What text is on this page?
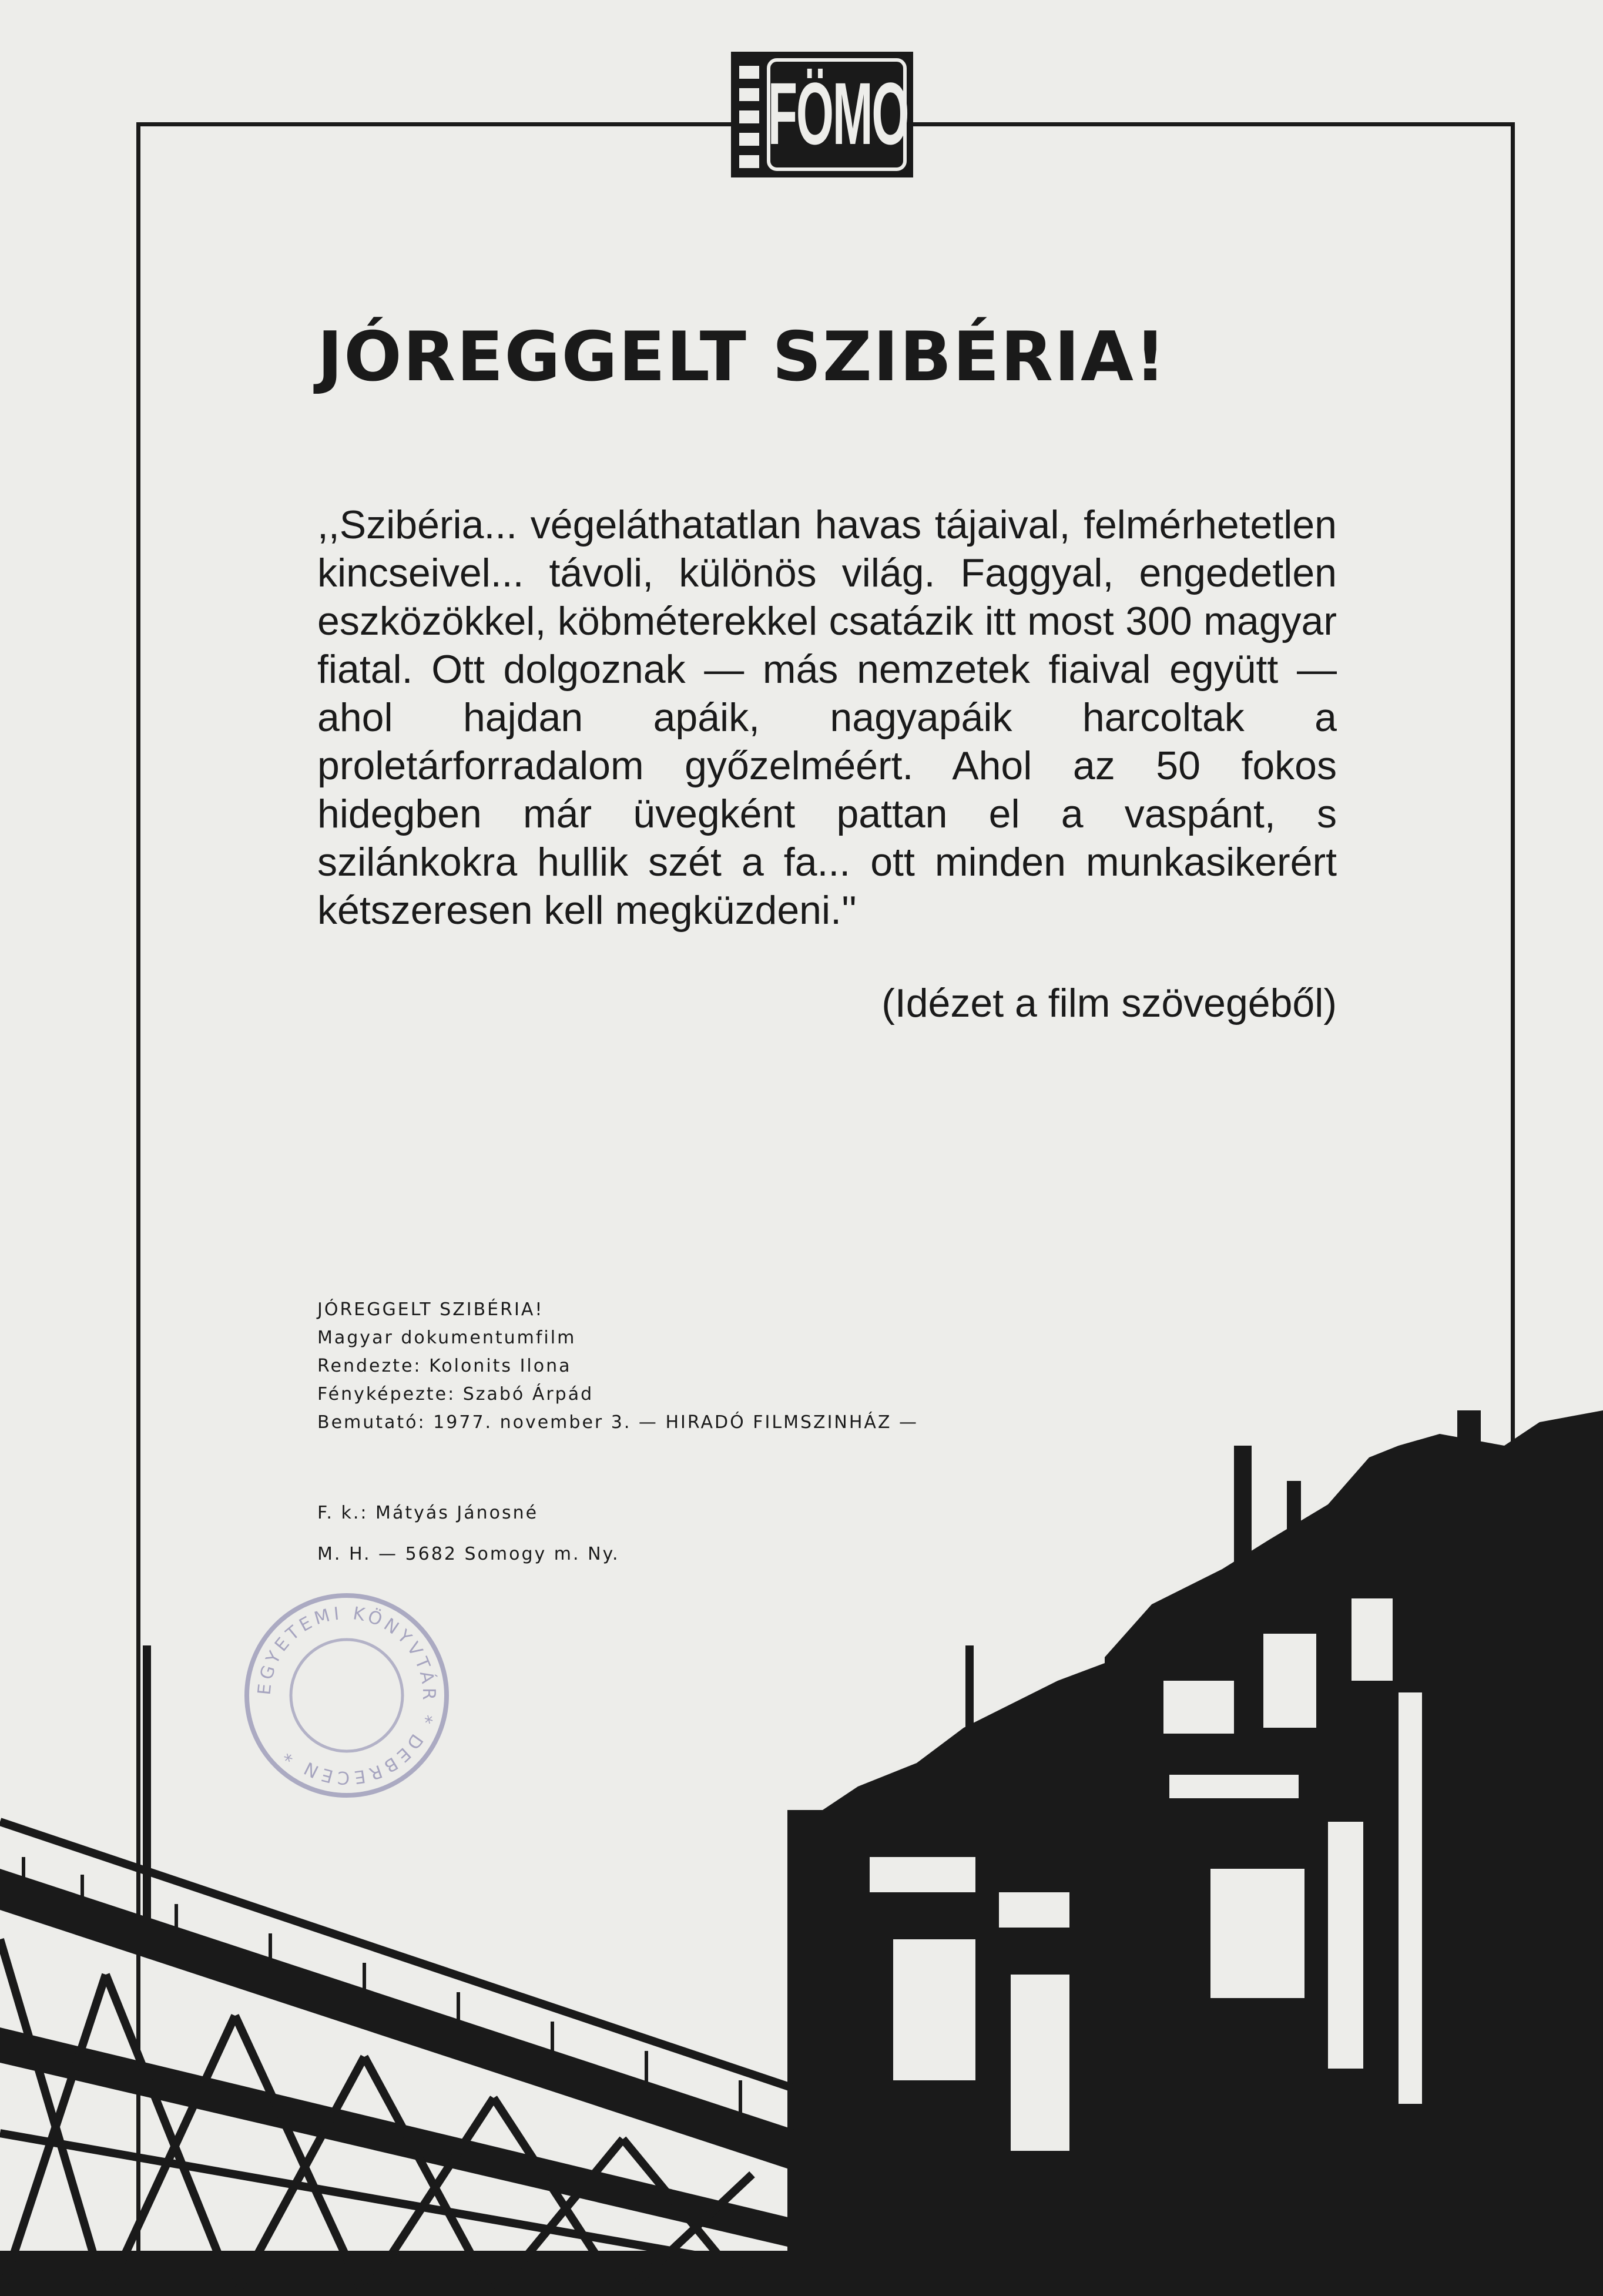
FÖMO
JÓREGGELT SZIBÉRIA!

,,Szibéria... végeláthatatlan havas tájaival, felmérhetetlen kincseivel... távoli, különös világ. Faggyal, engedetlen eszközökkel, köbméterekkel csatázik itt most 300 magyar fiatal. Ott dolgoznak — más nemzetek fiaival együtt — ahol hajdan apáik, nagyapáik harcoltak a proletárforradalom győzelméért. Ahol az 50 fokos hidegben már üvegként pattan el a vaspánt, s szilánkokra hullik szét a fa... ott minden munkasikerért kétszeresen kell megküzdeni.''

(Idézet a film szövegéből)

JÓREGGELT SZIBÉRIA!
Magyar dokumentumfilm
Rendezte: Kolonits Ilona
Fényképezte: Szabó Árpád
Bemutató: 1977. november 3. — HIRADÓ FILMSZINHÁZ —
F. k.: Mátyás Jánosné
M. H. — 5682 Somogy m. Ny.
EGYETEMI KÖNYVTÁR * DEBRECEN *
